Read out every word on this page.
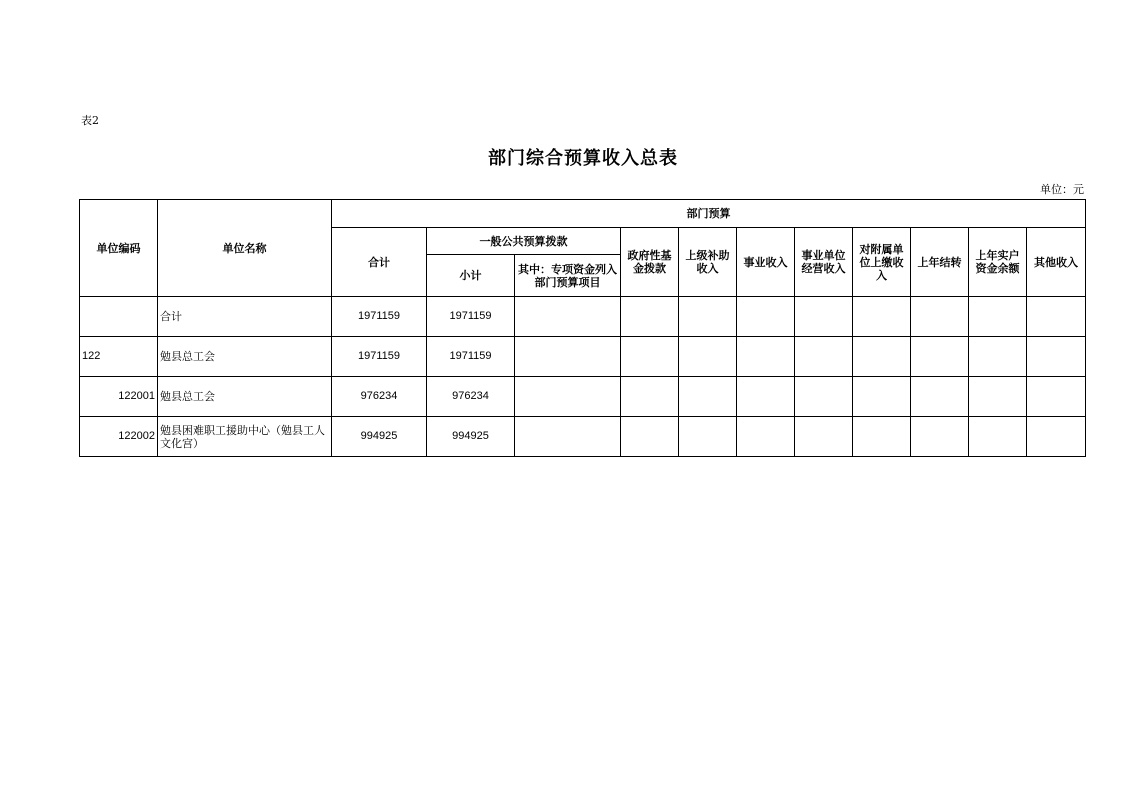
表2
部门综合预算收入总表
单位：元
单位编码	单位名称	部门预算										
		合计	一般公共预算拨款		政府性基金拨款	上级补助收入	事业收入	事业单位经营收入	对附属单位上缴收入	上年结转	上年实户资金余额	其他收入
			小计	其中：专项资金列入部门预算项目								
	合计	1971159	1971159									
122	勉县总工会	1971159	1971159									
122001	勉县总工会	976234	976234									
122002	勉县困难职工援助中心（勉县工人文化宫）	994925	994925									
